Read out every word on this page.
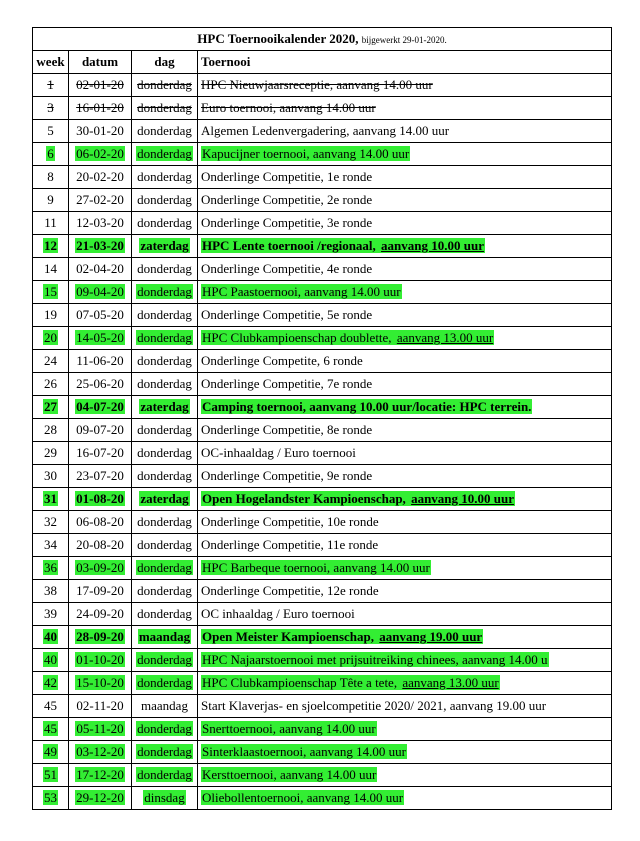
HPC Toernooikalender 2020, bijgewerkt 29-01-2020.			
week	datum	dag	Toernooi
1	02-01-20	donderdag	HPC Nieuwjaarsreceptie, aanvang 14.00 uur
3	16-01-20	donderdag	Euro toernooi, aanvang 14.00 uur
5	30-01-20	donderdag	Algemen Ledenvergadering, aanvang 14.00 uur
6	06-02-20	donderdag	Kapucijner toernooi, aanvang 14.00 uur
8	20-02-20	donderdag	Onderlinge Competitie, 1e ronde
9	27-02-20	donderdag	Onderlinge Competitie, 2e ronde
11	12-03-20	donderdag	Onderlinge Competitie, 3e ronde
12	21-03-20	zaterdag	HPC Lente toernooi /regionaal, aanvang 10.00 uur
14	02-04-20	donderdag	Onderlinge Competitie, 4e ronde
15	09-04-20	donderdag	HPC Paastoernooi, aanvang 14.00 uur
19	07-05-20	donderdag	Onderlinge Competitie, 5e ronde
20	14-05-20	donderdag	HPC Clubkampioenschap doublette, aanvang 13.00 uur
24	11-06-20	donderdag	Onderlinge Competite, 6 ronde
26	25-06-20	donderdag	Onderlinge Competitie, 7e ronde
27	04-07-20	zaterdag	Camping toernooi, aanvang 10.00 uur/locatie: HPC terrein.
28	09-07-20	donderdag	Onderlinge Competitie, 8e ronde
29	16-07-20	donderdag	OC-inhaaldag / Euro toernooi
30	23-07-20	donderdag	Onderlinge Competitie, 9e ronde
31	01-08-20	zaterdag	Open Hogelandster Kampioenschap, aanvang 10.00 uur
32	06-08-20	donderdag	Onderlinge Competitie, 10e ronde
34	20-08-20	donderdag	Onderlinge Competitie, 11e ronde
36	03-09-20	donderdag	HPC Barbeque toernooi, aanvang 14.00 uur
38	17-09-20	donderdag	Onderlinge Competitie, 12e ronde
39	24-09-20	donderdag	OC inhaaldag / Euro toernooi
40	28-09-20	maandag	Open Meister Kampioenschap, aanvang 19.00 uur
40	01-10-20	donderdag	HPC Najaarstoernooi met prijsuitreiking chinees, aanvang 14.00 u
42	15-10-20	donderdag	HPC Clubkampioenschap Tête a tete, aanvang 13.00 uur
45	02-11-20	maandag	Start Klaverjas- en sjoelcompetitie 2020/ 2021, aanvang 19.00 uur
45	05-11-20	donderdag	Snerttoernooi, aanvang 14.00 uur
49	03-12-20	donderdag	Sinterklaastoernooi, aanvang 14.00 uur
51	17-12-20	donderdag	Kersttoernooi, aanvang 14.00 uur
53	29-12-20	dinsdag	Oliebollentoernooi, aanvang 14.00 uur
